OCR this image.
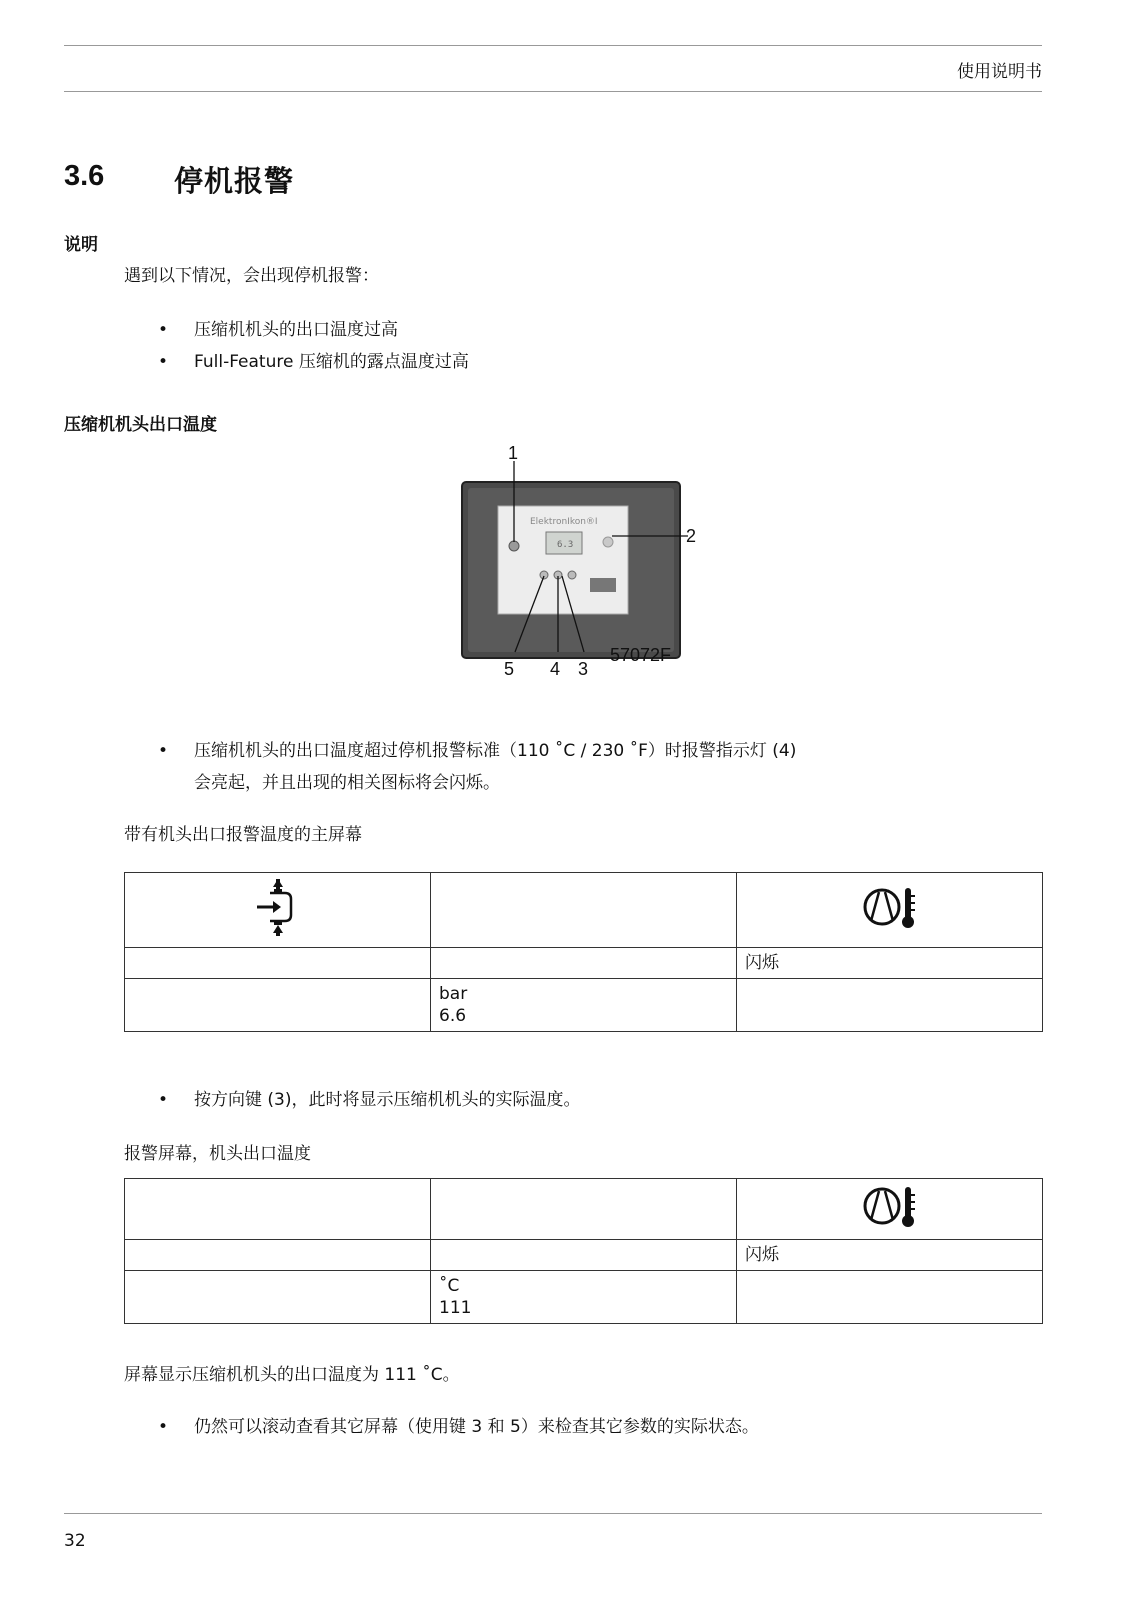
使用说明书
3.6 停机报警
说明
遇到以下情况，会出现停机报警：
• 压缩机机头的出口温度过高
• Full-Feature 压缩机的露点温度过高
压缩机机头出口温度
ElektronIkon®I
6.3
1
2
5 4 3
57072F
• 压缩机机头的出口温度超过停机报警标准（110 ˚C / 230 ˚F）时报警指示灯 (4)
会亮起，并且出现的相关图标将会闪烁。
带有机头出口报警温度的主屏幕

		闪烁

	bar
6.6	

• 按方向键 (3)，此时将显示压缩机机头的实际温度。
报警屏幕，机头出口温度

		闪烁

	˚C
111	

屏幕显示压缩机机头的出口温度为 111 ˚C。
• 仍然可以滚动查看其它屏幕（使用键 3 和 5）来检查其它参数的实际状态。
32
